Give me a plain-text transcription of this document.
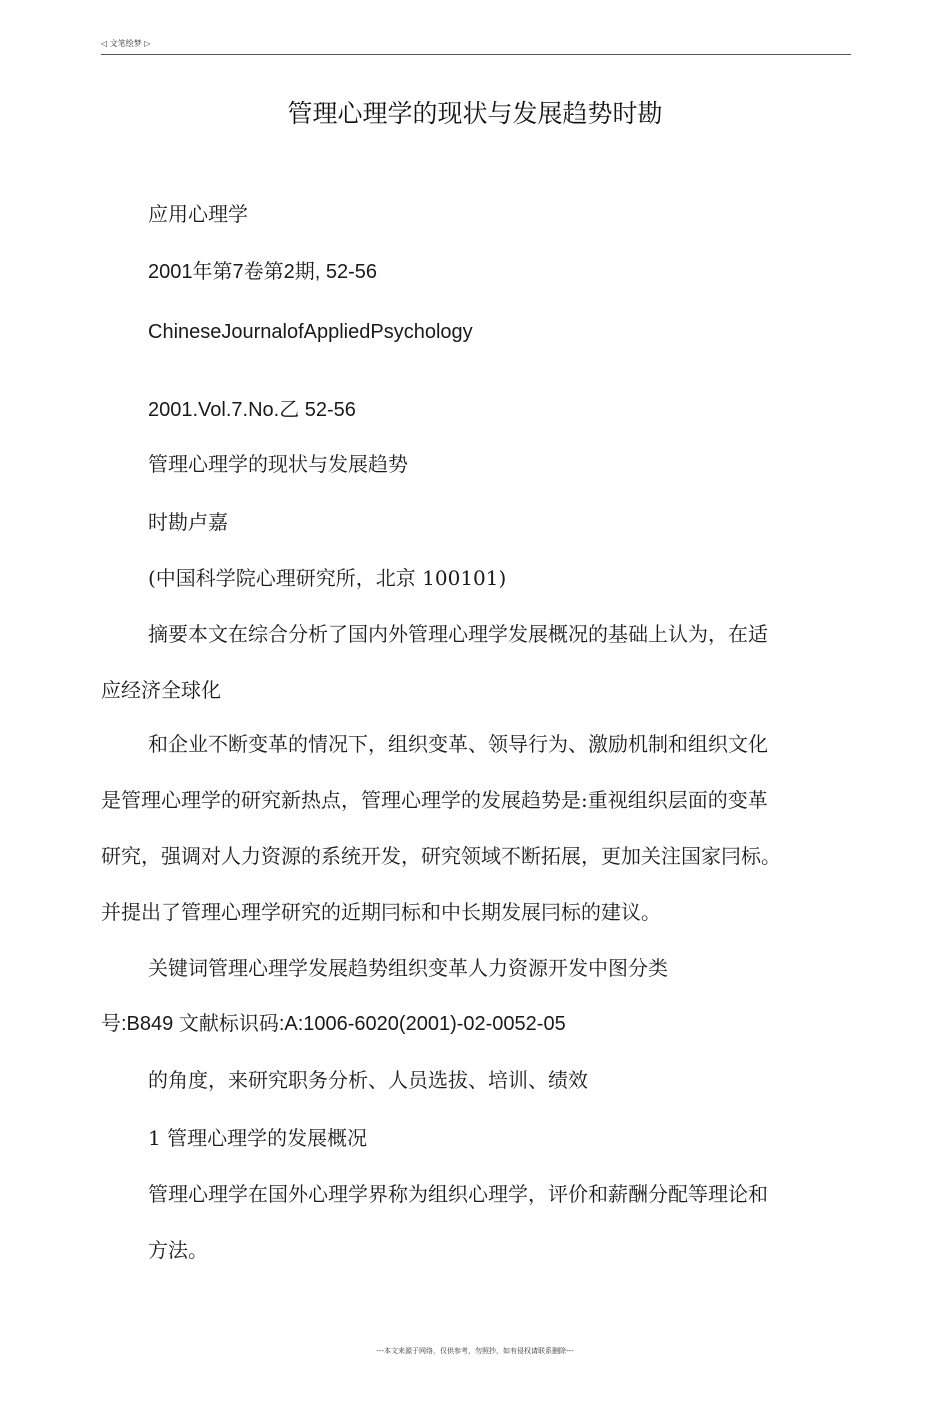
◁ 文笔绘梦 ▷
管理心理学的现状与发展趋势时勘
应用心理学
2001年第7卷第2期, 52-56
ChineseJournalofAppliedPsychology
2001.Vol.7.No.乙 52-56
管理心理学的现状与发展趋势
时勘卢嘉
(中国科学院心理研究所，北京 100101)
摘要本文在综合分析了国内外管理心理学发展概况的基础上认为，在适
应经济全球化
和企业不断变革的情况下，组织变革、领导行为、激励机制和组织文化
是管理心理学的研究新热点，管理心理学的发展趋势是:重视组织层面的变革
研究，强调对人力资源的系统开发，研究领域不断拓展，更加关注国家冃标。
并提出了管理心理学研究的近期冃标和中长期发展冃标的建议。
关键词管理心理学发展趋势组织变革人力资源开发中图分类
号:B849 文献标识码:A:1006-6020(2001)-02-0052-05
的角度，来研究职务分析、人员选拔、培训、绩效
1 管理心理学的发展概况
管理心理学在国外心理学界称为组织心理学，评价和薪酬分配等理论和
方法。
---本文来源于网络，仅供参考，勿照抄，如有侵权请联系删除---
